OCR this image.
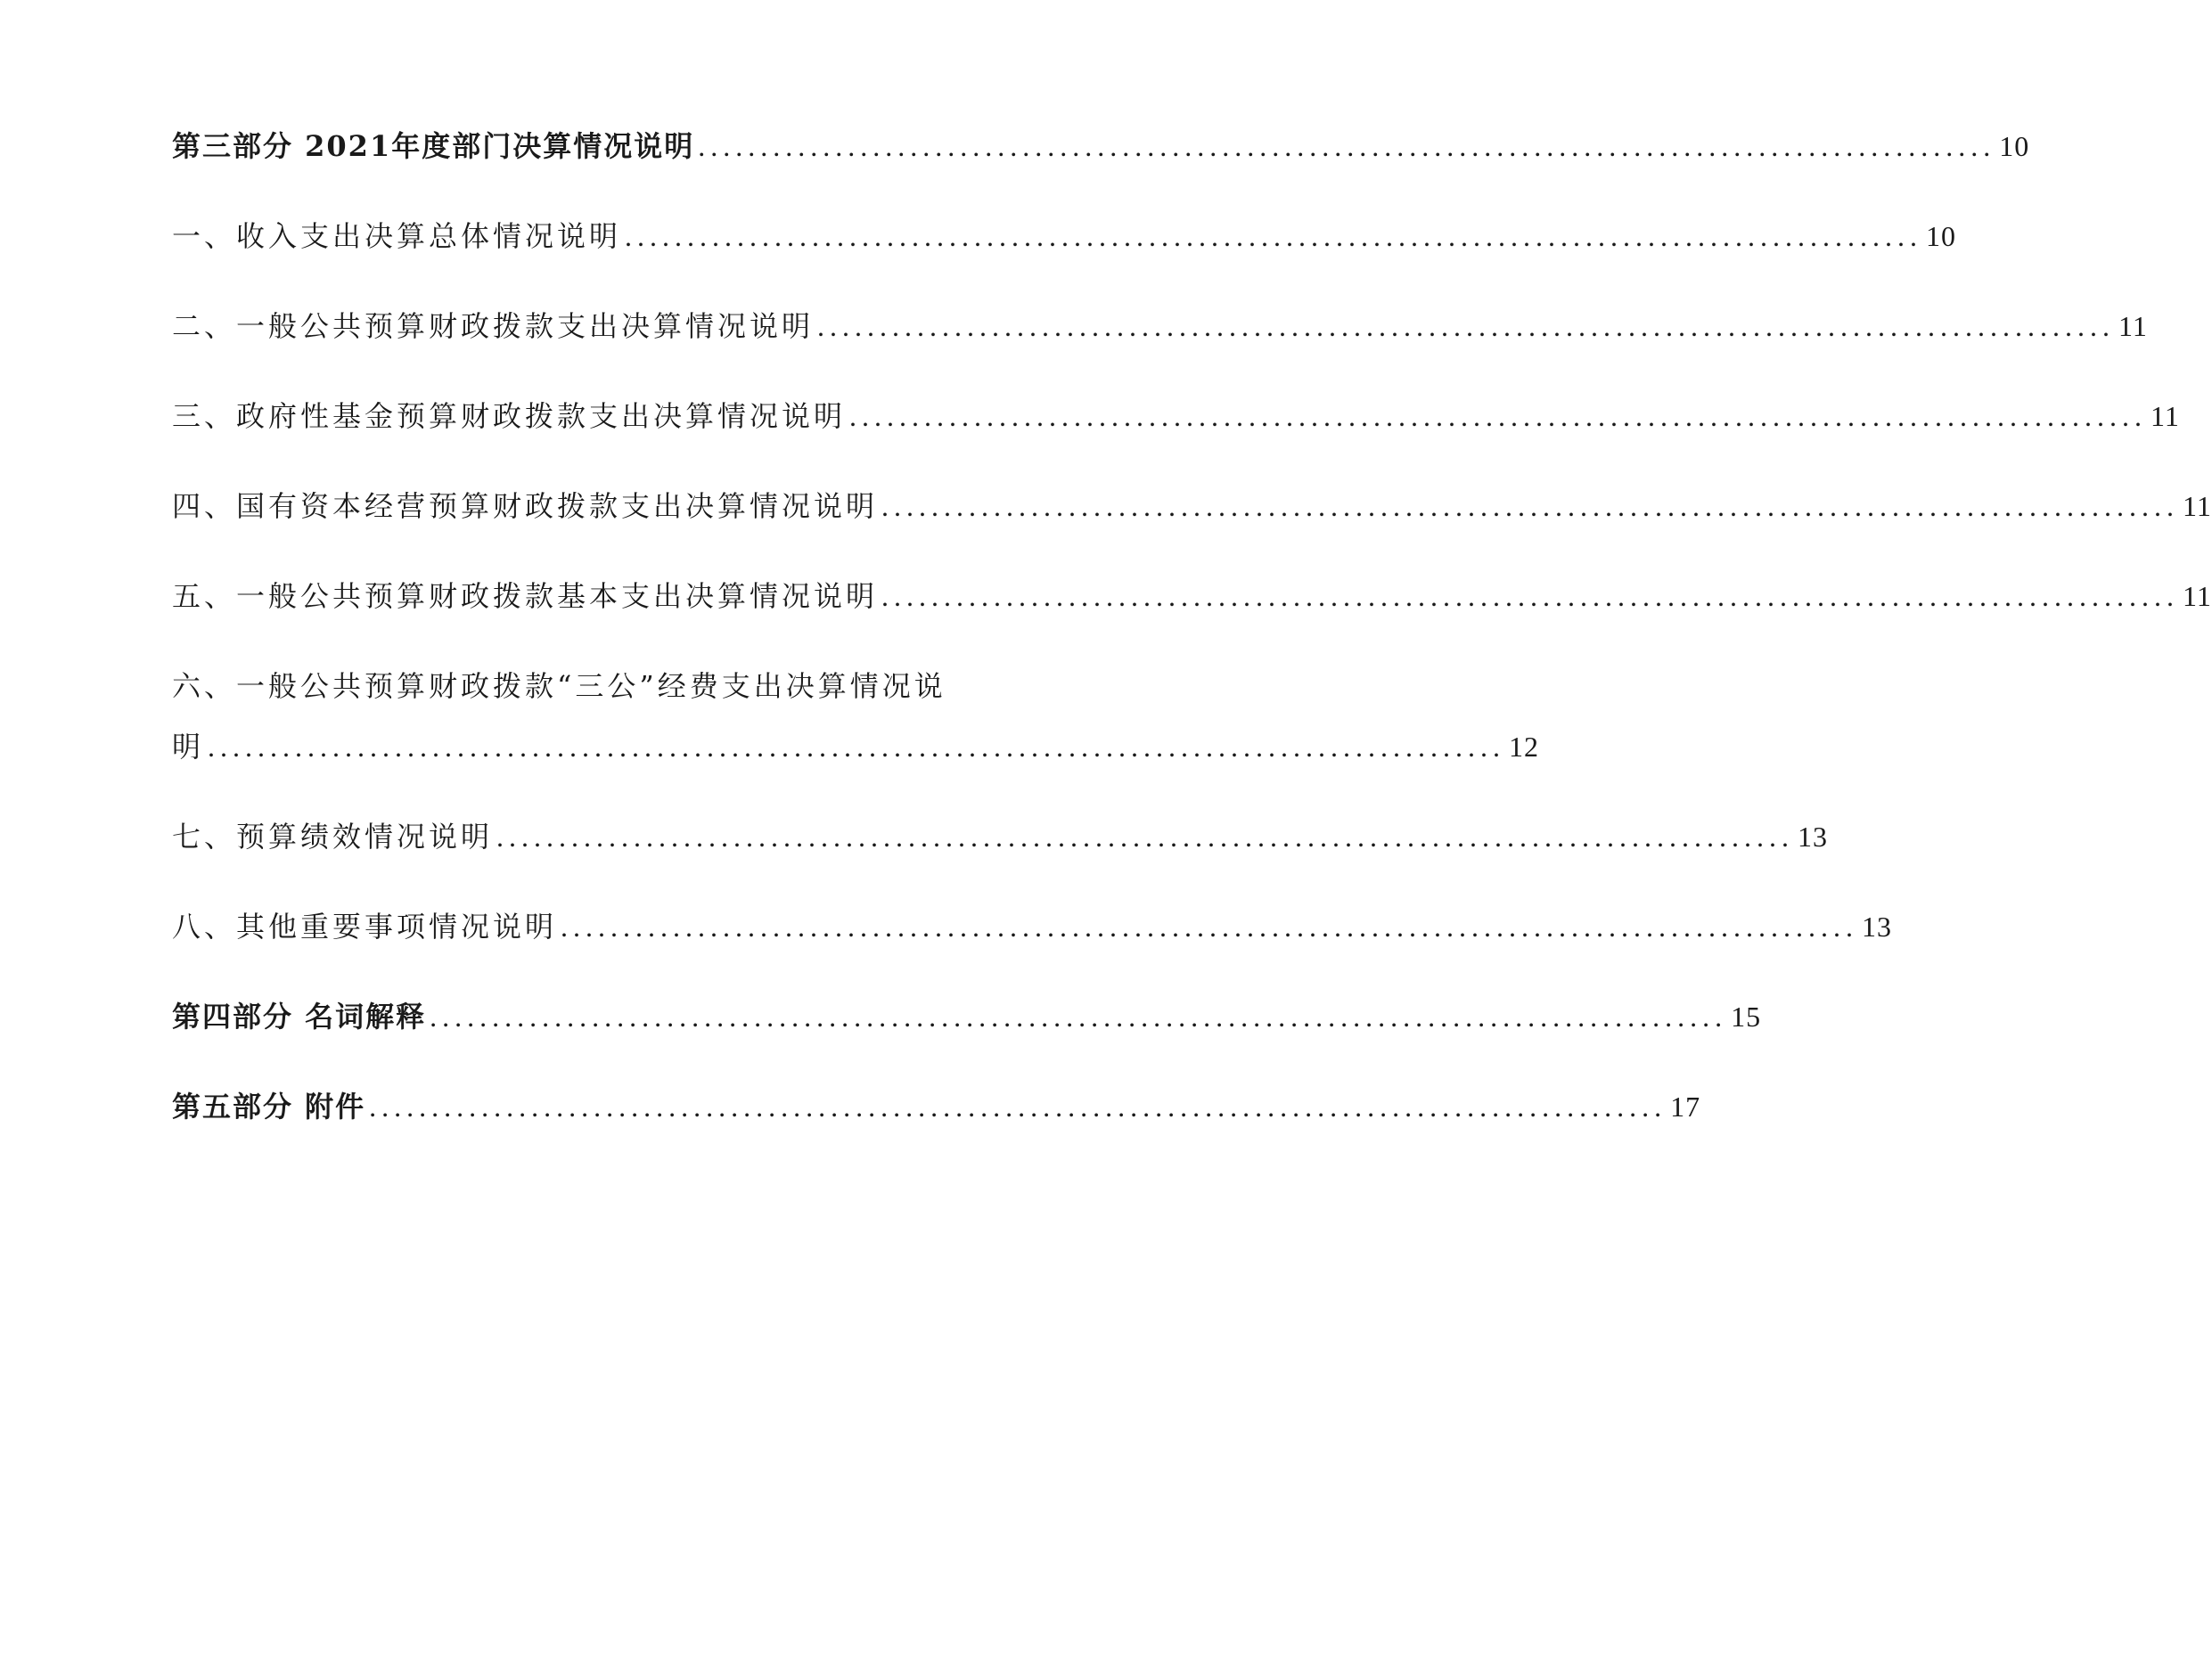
第三部分 2021年度部门决算情况说明 ........................................................................................................ 10
一、收入支出决算总体情况说明 ........................................................................................................ 10
二、一般公共预算财政拨款支出决算情况说明 ........................................................................................................ 11
三、政府性基金预算财政拨款支出决算情况说明 ........................................................................................................ 11
四、国有资本经营预算财政拨款支出决算情况说明 ........................................................................................................ 11
五、一般公共预算财政拨款基本支出决算情况说明 ........................................................................................................ 11
六、一般公共预算财政拨款“三公”经费支出决算情况说
明 ........................................................................................................ 12
七、预算绩效情况说明 ........................................................................................................ 13
八、其他重要事项情况说明 ........................................................................................................ 13
第四部分 名词解释 ........................................................................................................ 15
第五部分 附件 ........................................................................................................ 17
